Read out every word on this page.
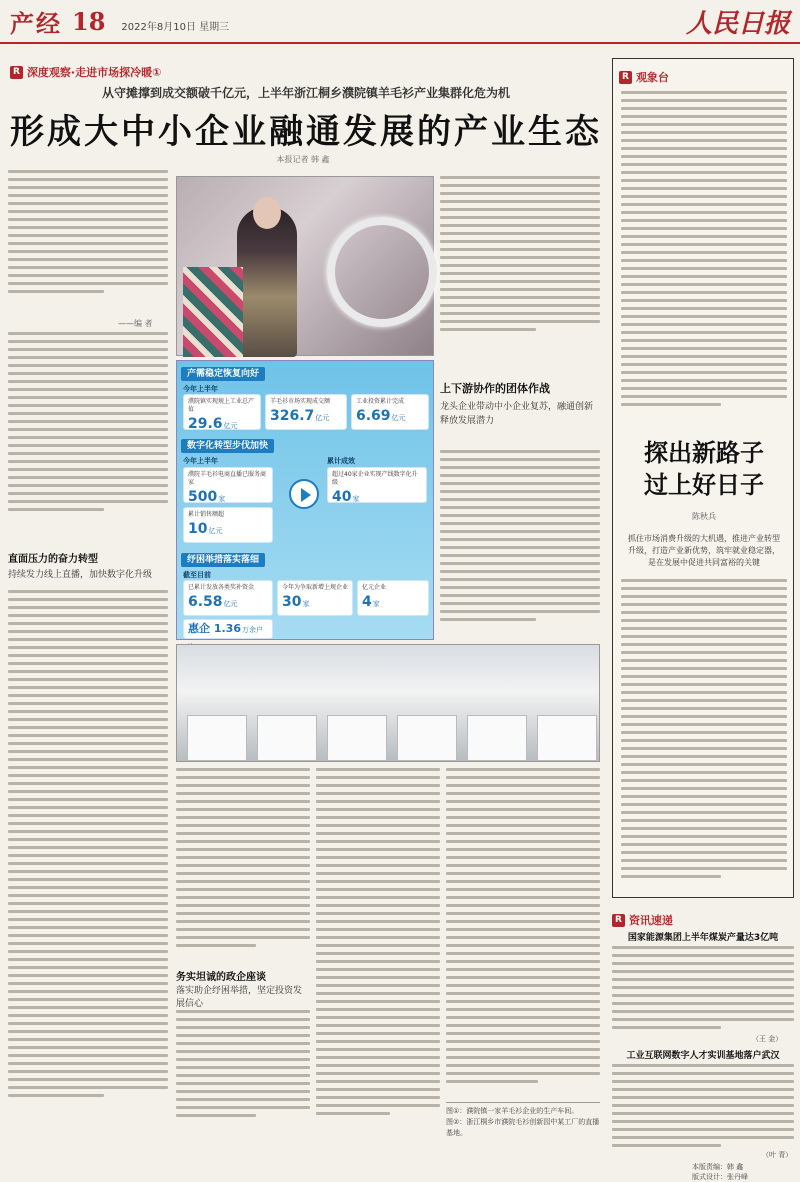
产经 18 2022年8月10日 星期三	人民日报
R 深度观察·走进市场探冷暖①
从守摊撑到成交额破千亿元，上半年浙江桐乡濮院镇羊毛衫产业集群化危为机
形成大中小企业融通发展的产业生态
本报记者 韩 鑫
——编 者
产需稳定恢复向好
今年上半年
濮院镇实现规上工业总产值
29.6亿元
羊毛衫市场实现成交额
326.7亿元
工业投资累计完成
6.69亿元
数字化转型步伐加快
今年上半年	累计成效
濮院羊毛衫电商直播已服务商家
500家
累计销售额超
10亿元
超过40家企业实现产线数字化升级
40家
纾困举措落实落细
截至目前
已累计发放各类奖补资金
6.58亿元
今年为争取新增上规企业
30家
亿元企业
4家
惠企 1.36万余户
上下游协作的团体作战
龙头企业带动中小企业复苏，融通创新释放发展潜力
直面压力的奋力转型
持续发力线上直播，加快数字化升级
务实坦诚的政企座谈
落实助企纾困举措，坚定投资发展信心
图①：濮院镇一家羊毛衫企业的生产车间。
图②：浙江桐乡市濮院毛衫创新园中某工厂的直播基地。
R 观象台
探出新路子
过上好日子
陈秋兵
抓住市场消费升级的大机遇，推进产业转型升级，打造产业新优势，筑牢就业稳定器，是在发展中促进共同富裕的关键
R 资讯速递
国家能源集团上半年煤炭产量达3亿吨
（王 金）
工业互联网数字人才实训基地落户武汉
（叶 青）
本版责编：韩 鑫
版式设计：张丹峰
